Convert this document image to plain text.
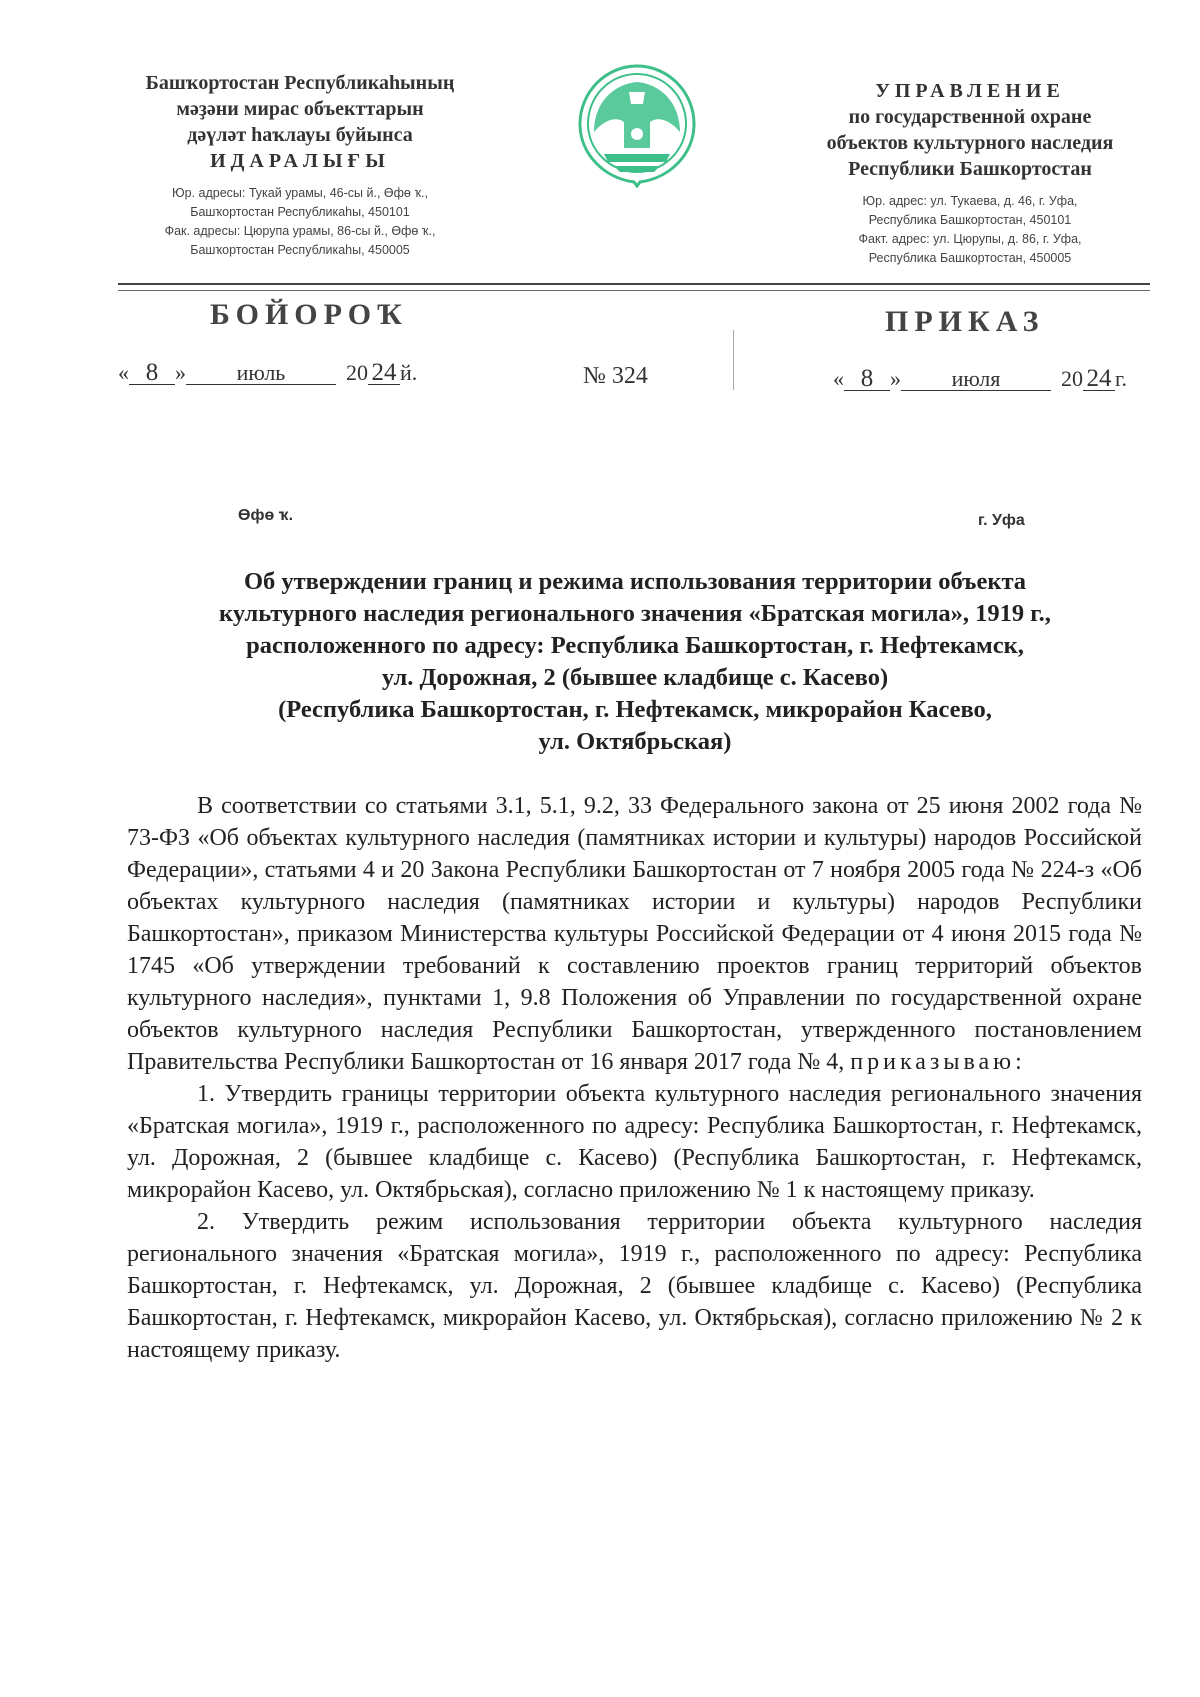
Башҡортостан Республикаһының
мәҙәни мирас объекттарын
дәүләт һаҡлауы буйынса
ИДАРАЛЫҒЫ
Юр. адресы: Тукай урамы, 46-сы й., Өфө ҡ.,
Башҡортостан Республикаһы, 450101
Фак. адресы: Цюрупа урамы, 86-сы й., Өфө ҡ.,
Башҡортостан Республикаһы, 450005
УПРАВЛЕНИЕ
по государственной охране
объектов культурного наследия
Республики Башкортостан
Юр. адрес: ул. Тукаева, д. 46, г. Уфа,
Республика Башкортостан, 450101
Факт. адрес: ул. Цюрупы, д. 86, г. Уфа,
Республика Башкортостан, 450005
БОЙОРОҠ	ПРИКАЗ
« 8 » июль	20 24 й.	№ 324	« 8 » июля	20 24 г.
Өфө ҡ.	г. Уфа
Об утверждении границ и режима использования территории объекта
культурного наследия регионального значения «Братская могила», 1919 г.,
расположенного по адресу: Республика Башкортостан, г. Нефтекамск,
ул. Дорожная, 2 (бывшее кладбище с. Касево)
(Республика Башкортостан, г. Нефтекамск, микрорайон Касево,
ул. Октябрьская)

В соответствии со статьями 3.1, 5.1, 9.2, 33 Федерального закона от 25 июня 2002 года № 73-ФЗ «Об объектах культурного наследия (памятниках истории и культуры) народов Российской Федерации», статьями 4 и 20 Закона Республики Башкортостан от 7 ноября 2005 года № 224-з «Об объектах культурного наследия (памятниках истории и культуры) народов Республики Башкортостан», приказом Министерства культуры Российской Федерации от 4 июня 2015 года № 1745 «Об утверждении требований к составлению проектов границ территорий объектов культурного наследия», пунктами 1, 9.8 Положения об Управлении по государственной охране объектов культурного наследия Республики Башкортостан, утвержденного постановлением Правительства Республики Башкортостан от 16 января 2017 года № 4, приказываю:

1. Утвердить границы территории объекта культурного наследия регионального значения «Братская могила», 1919 г., расположенного по адресу: Республика Башкортостан, г. Нефтекамск, ул. Дорожная, 2 (бывшее кладбище с. Касево) (Республика Башкортостан, г. Нефтекамск, микрорайон Касево, ул. Октябрьская), согласно приложению № 1 к настоящему приказу.

2. Утвердить режим использования территории объекта культурного наследия регионального значения «Братская могила», 1919 г., расположенного по адресу: Республика Башкортостан, г. Нефтекамск, ул. Дорожная, 2 (бывшее кладбище с. Касево) (Республика Башкортостан, г. Нефтекамск, микрорайон Касево, ул. Октябрьская), согласно приложению № 2 к настоящему приказу.
